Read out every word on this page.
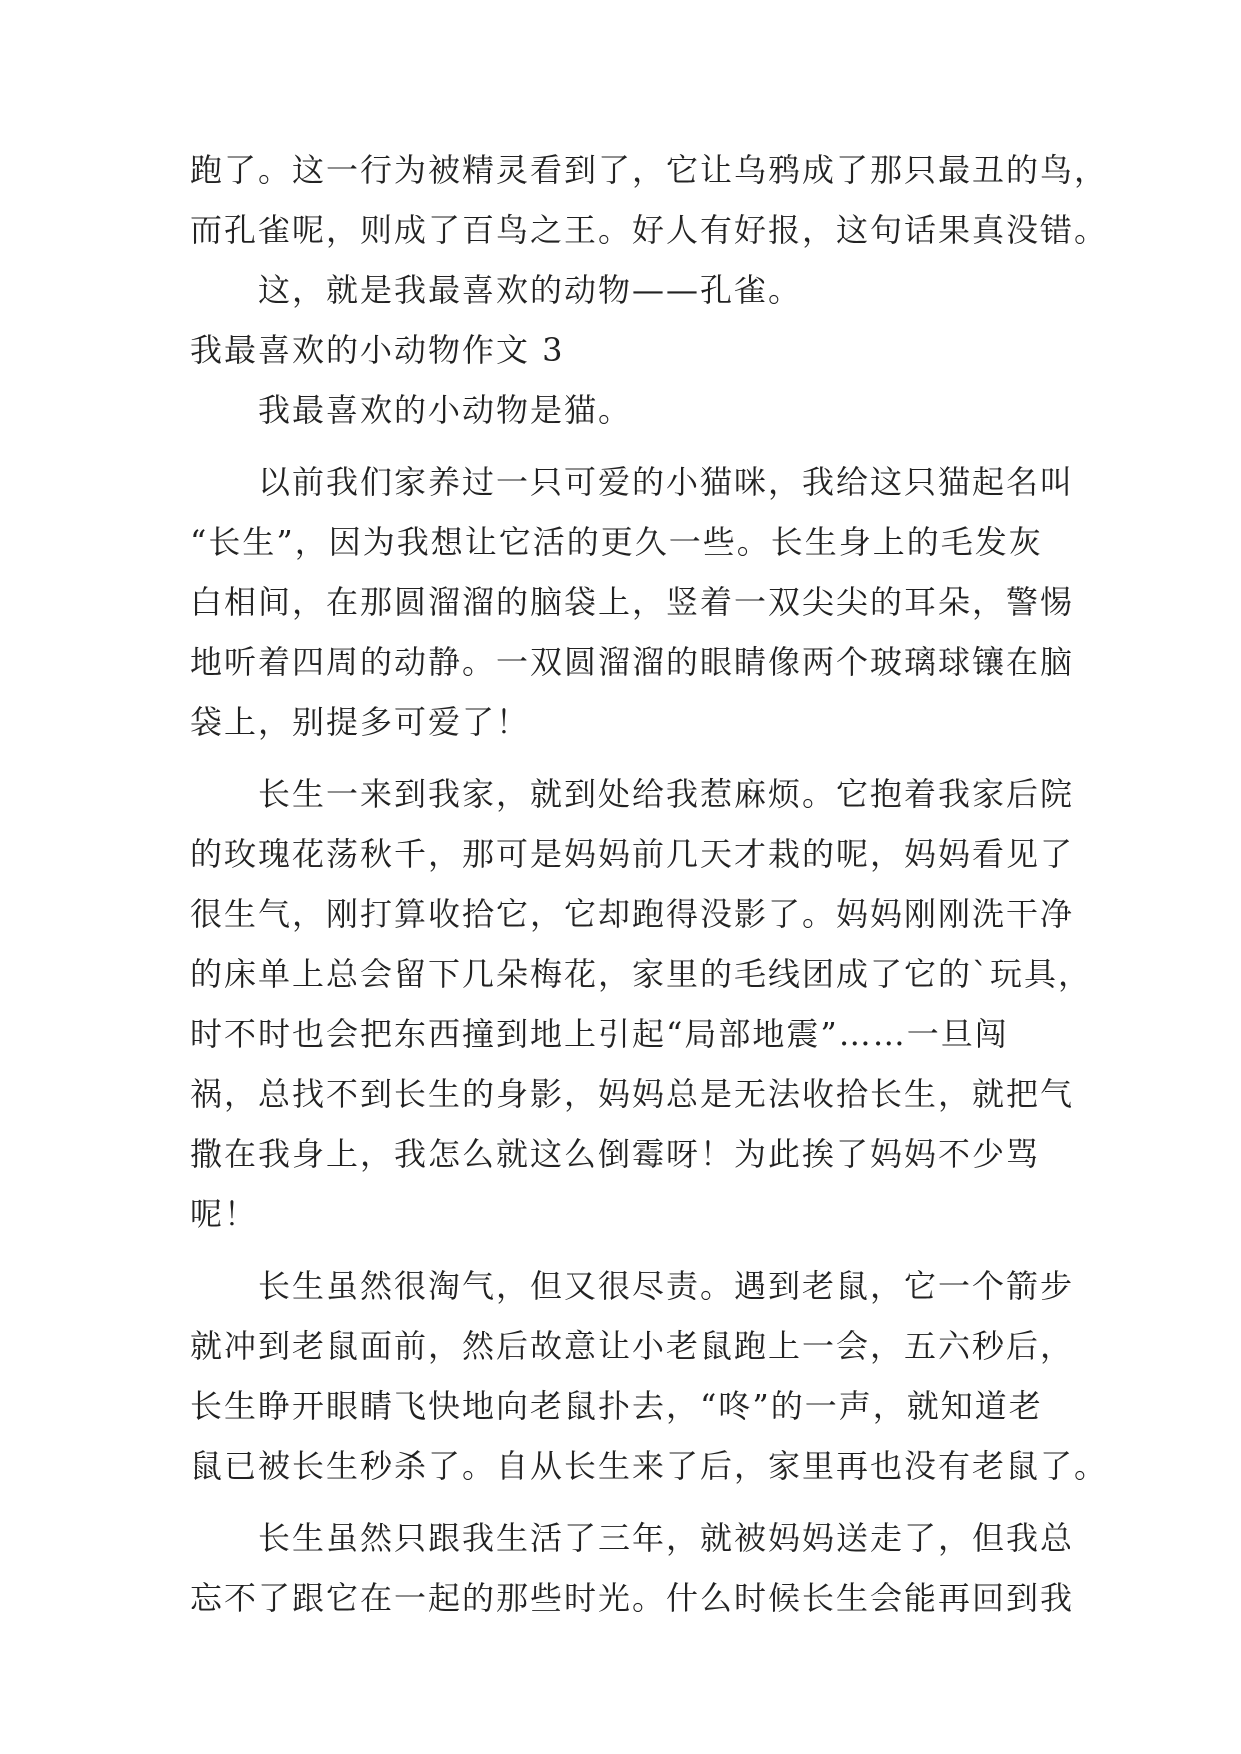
跑了。这一行为被精灵看到了，它让乌鸦成了那只最丑的鸟，
而孔雀呢，则成了百鸟之王。好人有好报，这句话果真没错。

这，就是我最喜欢的动物——孔雀。

我最喜欢的小动物作文 3

我最喜欢的小动物是猫。

以前我们家养过一只可爱的小猫咪，我给这只猫起名叫
“长生”，因为我想让它活的更久一些。长生身上的毛发灰
白相间，在那圆溜溜的脑袋上，竖着一双尖尖的耳朵，警惕
地听着四周的动静。一双圆溜溜的眼睛像两个玻璃球镶在脑
袋上，别提多可爱了！

长生一来到我家，就到处给我惹麻烦。它抱着我家后院
的玫瑰花荡秋千，那可是妈妈前几天才栽的呢，妈妈看见了
很生气，刚打算收拾它，它却跑得没影了。妈妈刚刚洗干净
的床单上总会留下几朵梅花，家里的毛线团成了它的`玩具，
时不时也会把东西撞到地上引起“局部地震”……一旦闯
祸，总找不到长生的身影，妈妈总是无法收拾长生，就把气
撒在我身上，我怎么就这么倒霉呀！为此挨了妈妈不少骂
呢！

长生虽然很淘气，但又很尽责。遇到老鼠，它一个箭步
就冲到老鼠面前，然后故意让小老鼠跑上一会，五六秒后，
长生睁开眼睛飞快地向老鼠扑去，“咚”的一声，就知道老
鼠已被长生秒杀了。自从长生来了后，家里再也没有老鼠了。

长生虽然只跟我生活了三年，就被妈妈送走了，但我总
忘不了跟它在一起的那些时光。什么时候长生会能再回到我
